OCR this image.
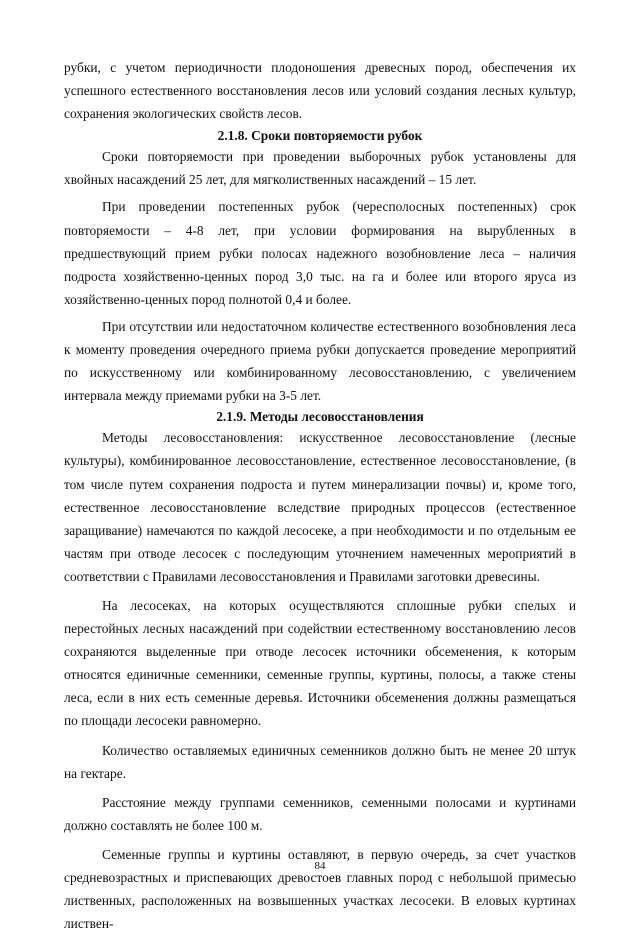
рубки, с учетом периодичности плодоношения древесных пород, обеспечения их успешного естественного восстановления лесов или условий создания лесных культур, сохранения экологических свойств лесов.

2.1.8. Сроки повторяемости рубок

Сроки повторяемости при проведении выборочных рубок установлены для хвойных насаждений 25 лет, для мягколиственных насаждений – 15 лет.

При проведении постепенных рубок (чересполосных постепенных) срок повторяемости – 4-8 лет, при условии формирования на вырубленных в предшествующий прием рубки полосах надежного возобновление леса – наличия подроста хозяйственно-ценных пород 3,0 тыс. на га и более или второго яруса из хозяйственно-ценных пород полнотой 0,4 и более.

При отсутствии или недостаточном количестве естественного возобновления леса к моменту проведения очередного приема рубки допускается проведение мероприятий по искусственному или комбинированному лесовосстановлению, с увеличением интервала между приемами рубки на 3-5 лет.

2.1.9. Методы лесовосстановления

Методы лесовосстановления: искусственное лесовосстановление (лесные культуры), комбинированное лесовосстановление, естественное лесовосстановление, (в том числе путем сохранения подроста и путем минерализации почвы) и, кроме того, естественное лесовосстановление вследствие природных процессов (естественное заращивание) намечаются по каждой лесосеке, а при необходимости и по отдельным ее частям при отводе лесосек с последующим уточнением намеченных мероприятий в соответствии с Правилами лесовосстановления и Правилами заготовки древесины.

На лесосеках, на которых осуществляются сплошные рубки спелых и перестойных лесных насаждений при содействии естественному восстановлению лесов сохраняются выделенные при отводе лесосек источники обсеменения, к которым относятся единичные семенники, семенные группы, куртины, полосы, а также стены леса, если в них есть семенные деревья. Источники обсеменения должны размещаться по площади лесосеки равномерно.

Количество оставляемых единичных семенников должно быть не менее 20 штук на гектаре.

Расстояние между группами семенников, семенными полосами и куртинами должно составлять не более 100 м.

Семенные группы и куртины оставляют, в первую очередь, за счет участков средневозрастных и приспевающих древостоев главных пород с небольшой примесью лиственных, расположенных на возвышенных участках лесосеки. В еловых куртинах листвен-

84
